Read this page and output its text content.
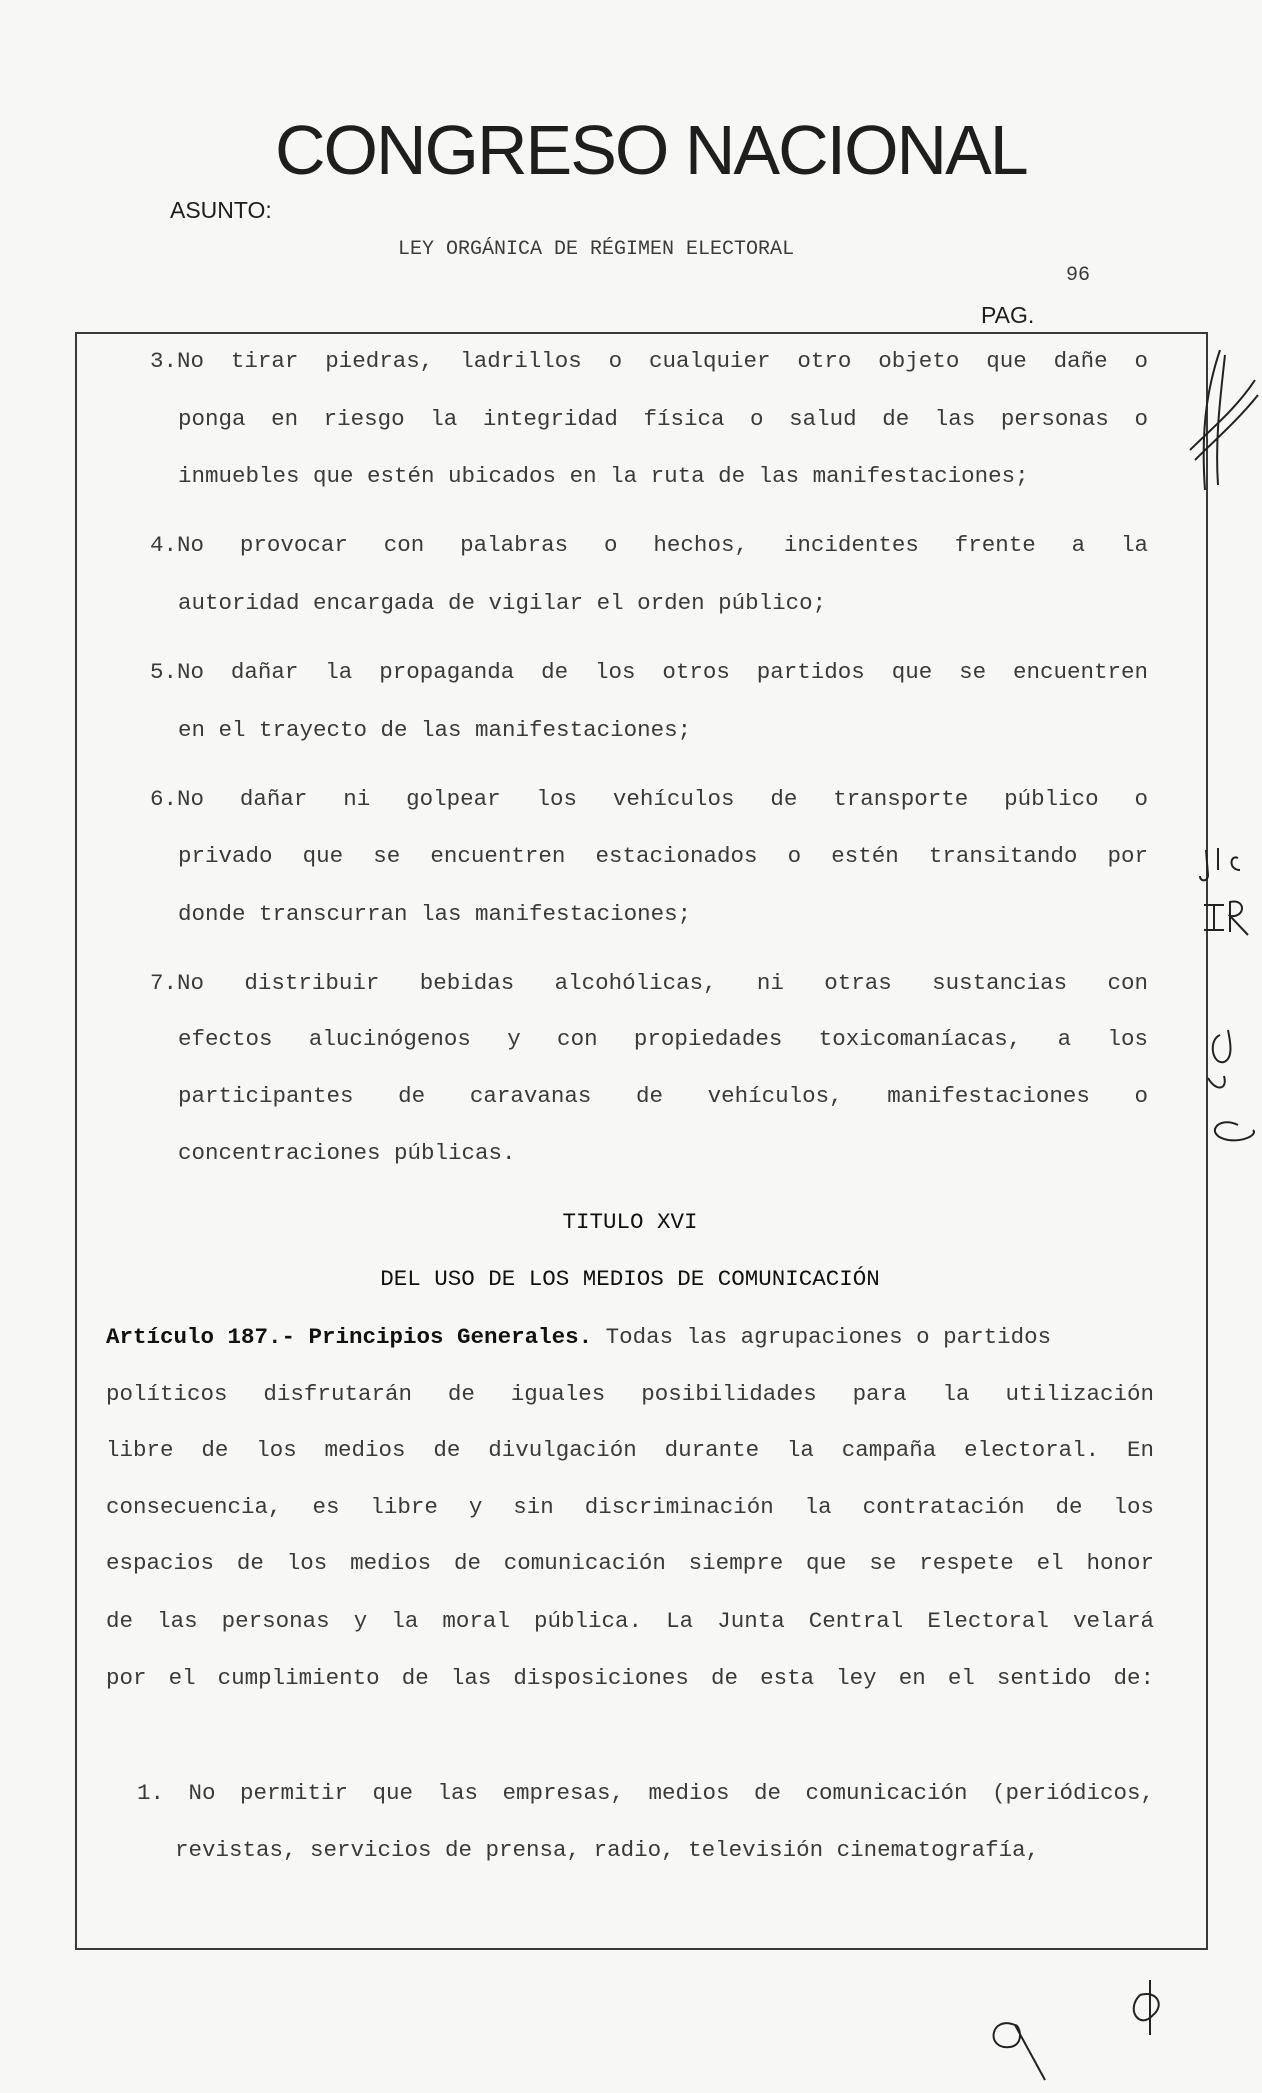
CONGRESO NACIONAL
ASUNTO:
LEY ORGÁNICA DE RÉGIMEN ELECTORAL
96
PAG.
3.No tirar piedras, ladrillos o cualquier otro objeto que dañe o
ponga en riesgo la integridad física o salud de las personas o
inmuebles que estén ubicados en la ruta de las manifestaciones;
4.No provocar con palabras o hechos, incidentes frente a la
autoridad encargada de vigilar el orden público;
5.No dañar la propaganda de los otros partidos que se encuentren
en el trayecto de las manifestaciones;
6.No dañar ni golpear los vehículos de transporte público o
privado que se encuentren estacionados o estén transitando por
donde transcurran las manifestaciones;
7.No distribuir bebidas alcohólicas, ni otras sustancias con
efectos alucinógenos y con propiedades toxicomaníacas, a los
participantes de caravanas de vehículos, manifestaciones o
concentraciones públicas.
TITULO XVI
DEL USO DE LOS MEDIOS DE COMUNICACIÓN
Artículo 187.- Principios Generales. Todas las agrupaciones o partidos
políticos disfrutarán de iguales posibilidades para la utilización
libre de los medios de divulgación durante la campaña electoral. En
consecuencia, es libre y sin discriminación la contratación de los
espacios de los medios de comunicación siempre que se respete el honor
de las personas y la moral pública. La Junta Central Electoral velará
por el cumplimiento de las disposiciones de esta ley en el sentido de:
1. No permitir que las empresas, medios de comunicación (periódicos,
revistas, servicios de prensa, radio, televisión cinematografía,
